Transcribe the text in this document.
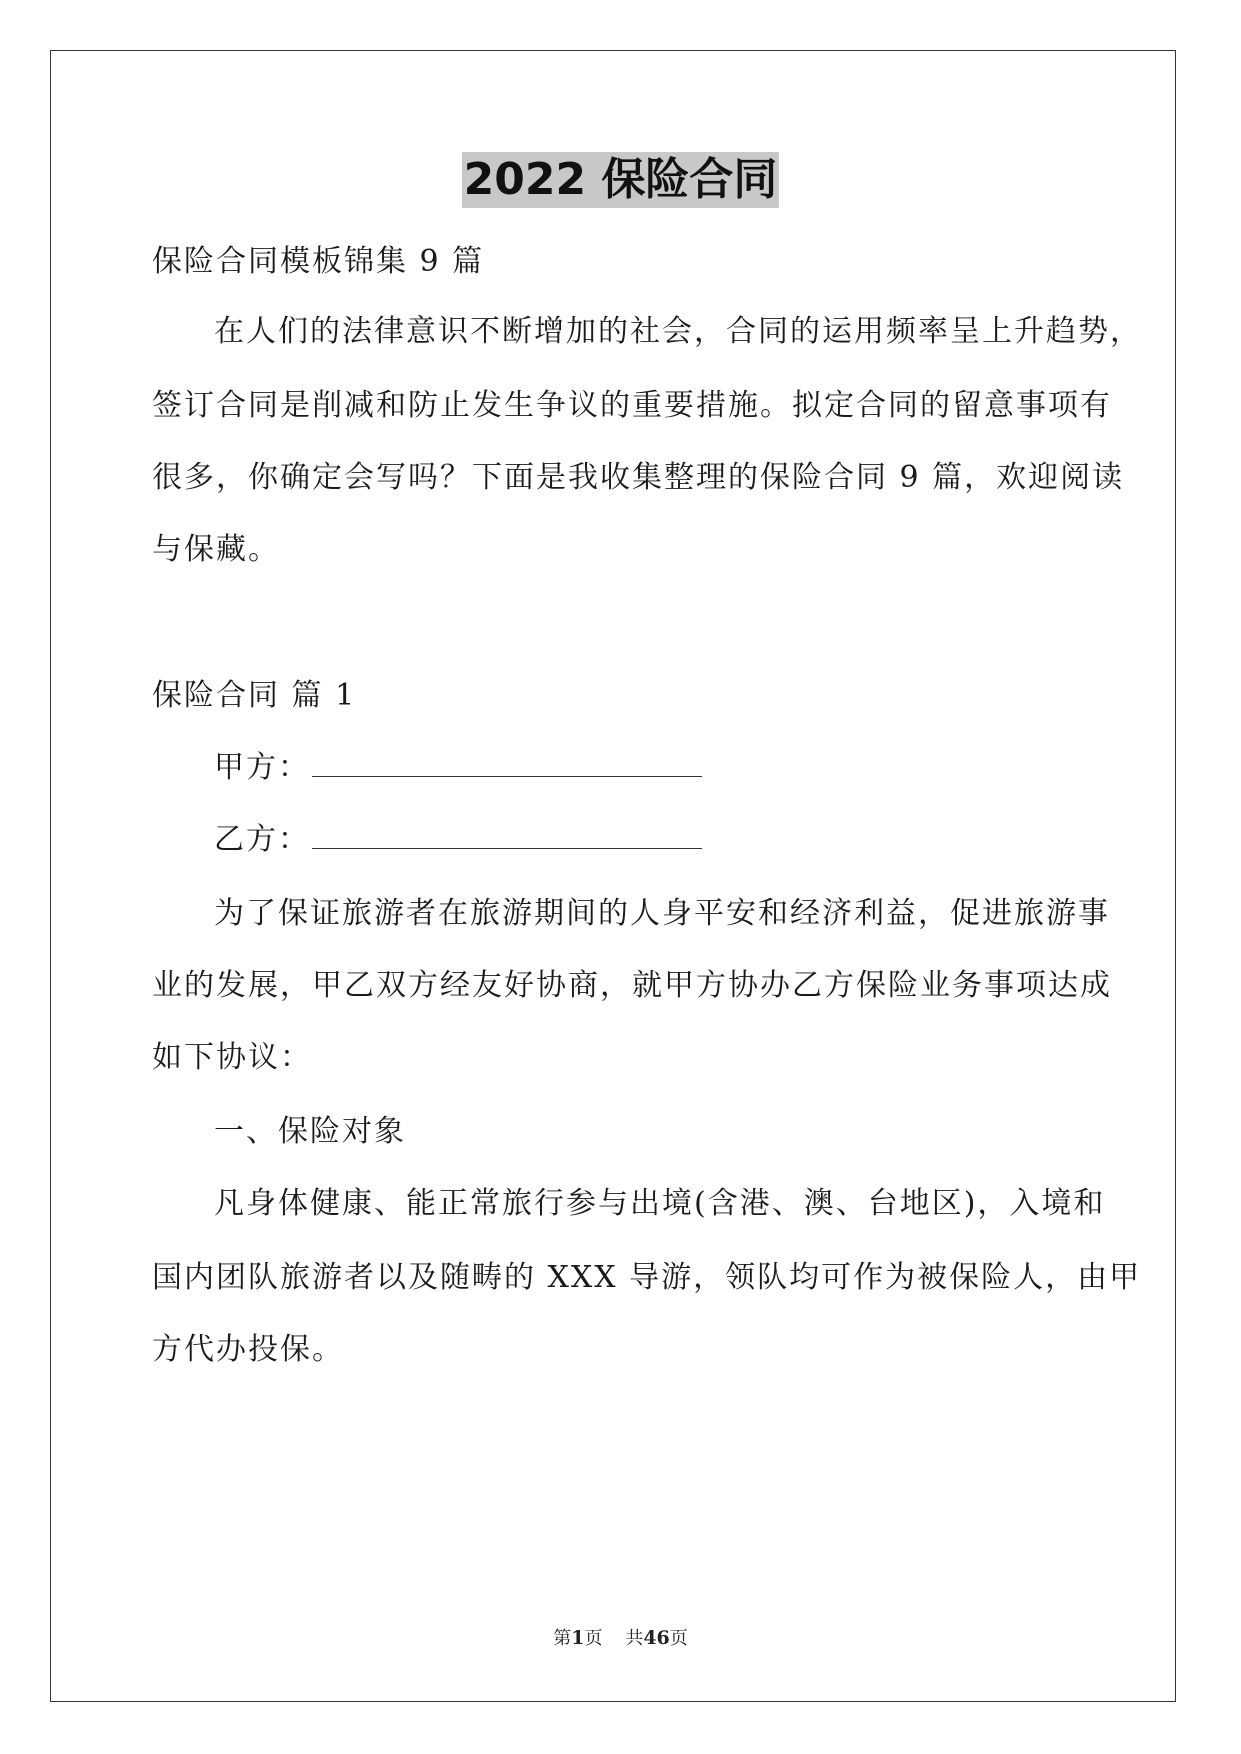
2022 保险合同
保险合同模板锦集 9 篇
在人们的法律意识不断增加的社会，合同的运用频率呈上升趋势，
签订合同是削减和防止发生争议的重要措施。拟定合同的留意事项有
很多，你确定会写吗？下面是我收集整理的保险合同 9 篇，欢迎阅读
与保藏。
保险合同 篇 1
甲方：
乙方：
为了保证旅游者在旅游期间的人身平安和经济利益，促进旅游事
业的发展，甲乙双方经友好协商，就甲方协办乙方保险业务事项达成
如下协议：
一、保险对象
凡身体健康、能正常旅行参与出境(含港、澳、台地区)，入境和
国内团队旅游者以及随畴的 XXX 导游，领队均可作为被保险人，由甲
方代办投保。
第1页    共46页
